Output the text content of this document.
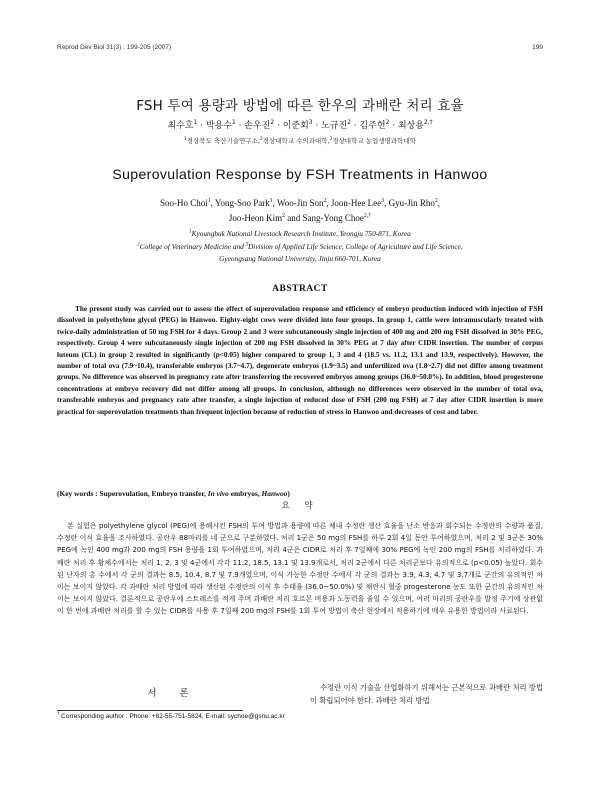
Reprod Dev Biol 31(3) : 199-205 (2007)	199
FSH 투여 용량과 방법에 따른 한우의 과배란 처리 효율
최수호$^1$ · 박용수$^1$ · 손우진$^2$ · 이준회$^3$ · 노규진$^2$ · 김주헌$^2$ · 최상용$^{2,\dagger}$
$^1$경상북도 축산기술연구소,$^2$경상대학교 수의과대학,$^3$경상대학교 농업생명과학대학
Superovulation Response by FSH Treatments in Hanwoo
Soo-Ho Choi$^1$, Yong-Soo Park$^1$, Woo-Jin Son$^2$, Joon-Hee Lee$^3$, Gyu-Jin Rho$^2$,
Joo-Heon Kim$^2$ and Sang-Yong Choe$^{2,\dagger}$
$^1$Kyoungbuk National Livestock Research Institute, Yeongju 750-871, Korea
$^2$College of Veterinary Medicine and $^3$Division of Applied Life Science, College of Agriculture and Life Science,
Gyeongsang National University, Jinju 660-701, Korea
ABSTRACT
The present study was carried out to assess the effect of superovulation response and efficiency of embryo production induced with injection of FSH dissolved in polyethylene glycol (PEG) in Hanwoo. Eighty-eight cows were divided into four groups. In group 1, cattle were intramuscularly treated with twice-daily administration of 50 mg FSH for 4 days. Group 2 and 3 were subcutaneously single injection of 400 mg and 200 mg FSH dissolved in 30% PEG, respectively. Group 4 were subcutaneously single injection of 200 mg FSH dissolved in 30% PEG at 7 day after CIDR insertion. The number of corpus luteum (CL) in group 2 resulted in significantly (p<0.05) higher compared to group 1, 3 and 4 (18.5 vs. 11.2, 13.1 and 13.9, respectively). However, the number of total ova (7.9~10.4), transferable embryos (3.7~4.7), degenerate embryos (1.9~3.5) and unfertilized ova (1.8~2.7) did not differ among treatment groups. No difference was observed in pregnancy rate after transferring the recovered embryos among groups (36.0~50.0%). In addition, blood progesterone concentrations at embryo recovery did not differ among all groups. In conclusion, although no differences were observed in the number of total ova, transferable embryos and pregnancy rate after transfer, a single injection of reduced dose of FSH (200 mg FSH) at 7 day after CIDR insertion is more practical for superovulation treatments than frequent injection because of reduction of stress in Hanwoo and decreases of cost and laber.
(Key words : Superovulation, Embryo transfer, In vivo embryos, Hanwoo)
요 약
본 실험은 polyethylene glycol (PEG)에 용해시킨 FSH의 투여 방법과 용량에 따른 체내 수정란 생산 효율을 난소 반응과 회수되는 수정란의 수량과 품질, 수정란 이식 효율을 조사하였다. 공란우 88마리를 네 군으로 구분하였다. 처리 1군은 50 mg의 FSH를 하루 2회 4일 동안 투여하였으며, 처리 2 및 3군은 30% PEG에 녹인 400 mg과 200 mg의 FSH 용량을 1회 투여하였으며, 처리 4군은 CIDR로 처리 후 7일째에 30% PEG에 녹인 200 mg의 FSH를 처리하였다. 과배란 처리 후 황체수에서는 처리 1, 2, 3 및 4군에서 각각 11.2, 18.5, 13.1 및 13.9개로서, 처리 2군에서 다른 처리군보다 유의적으로 (p<0.05) 높았다. 회수된 난자의 총 수에서 각 군의 결과는 8.5, 10.4, 8.7 및 7.9개였으며, 이식 가능한 수정란 수에서 각 군의 결과는 3.9, 4.3, 4.7 및 3.7개로 군간의 유의적인 차이는 보이지 않았다. 각 과배란 처리 방법에 따라 생산된 수정란의 이식 후 수태율 (36.0~50.0%) 및 채란시 혈중 progesterone 농도 또한 군간의 유의적인 차이는 보이지 않았다. 결론적으로 공란우에 스트레스를 적게 주며 과배란 처리 호르몬 비용과 노동력을 줄일 수 있으며, 여러 마리의 공란우를 발정 주기에 상관없이 한 번에 과배란 처리를 할 수 있는 CIDR를 사용 후 7일째 200 mg의 FSH를 1회 투여 방법이 축산 현장에서 적용하기에 매우 유용한 방법이라 사료된다.
서 론
수정란 이식 기술을 산업화하기 위해서는 근본적으로 과배란 처리 방법이 확립되어야 한다. 과배란 처리 방법
† Corresponding author : Phone: +82-55-751-5824, E-mail: sychoe@gsnu.ac.kr
